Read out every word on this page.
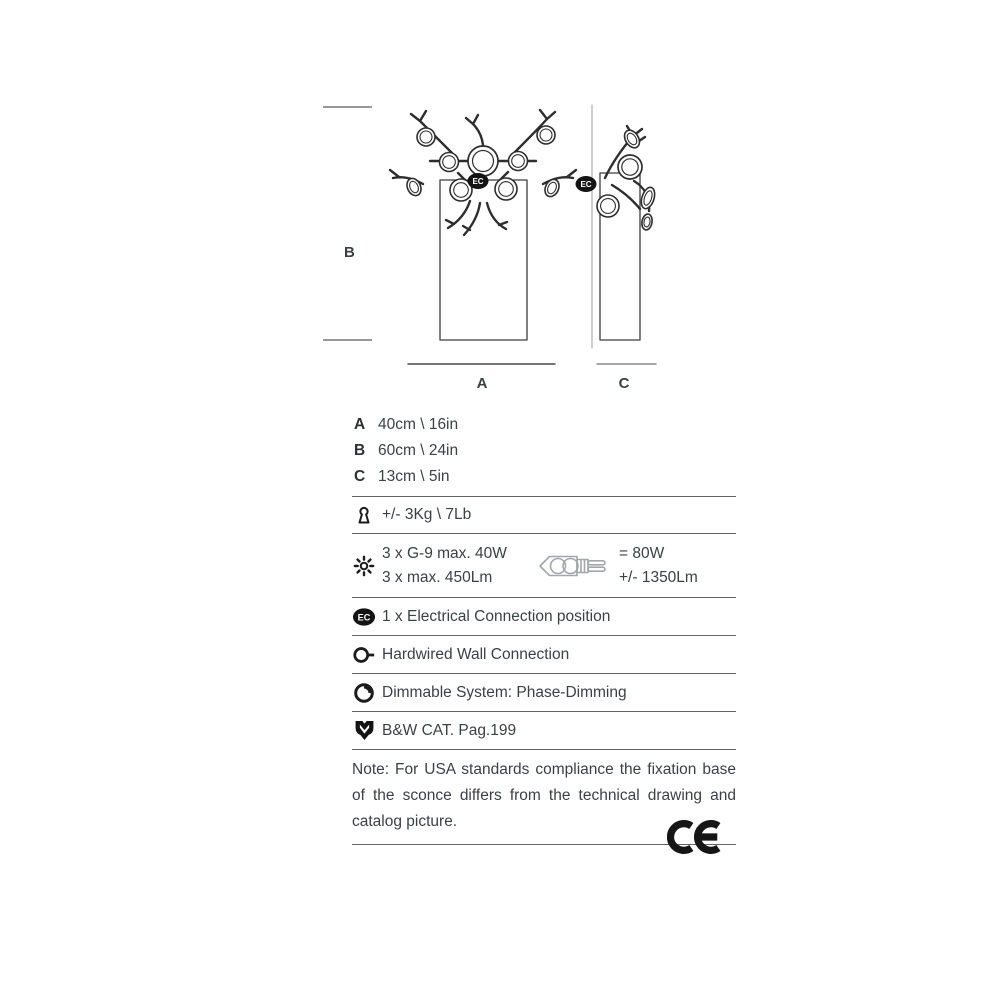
B
EC
A
EC
C
A 40cm \ 16in
B 60cm \ 24in
C 13cm \ 5in
+/- 3Kg \ 7Lb
3 x G-9 max. 40W
3 x max. 450Lm
= 80W
+/- 1350Lm
EC 1 x Electrical Connection position
Hardwired Wall Connection
Dimmable System: Phase-Dimming
B&W CAT. Pag.199
Note: For USA standards compliance the fixation base of the sconce differs from the technical drawing and catalog picture.
